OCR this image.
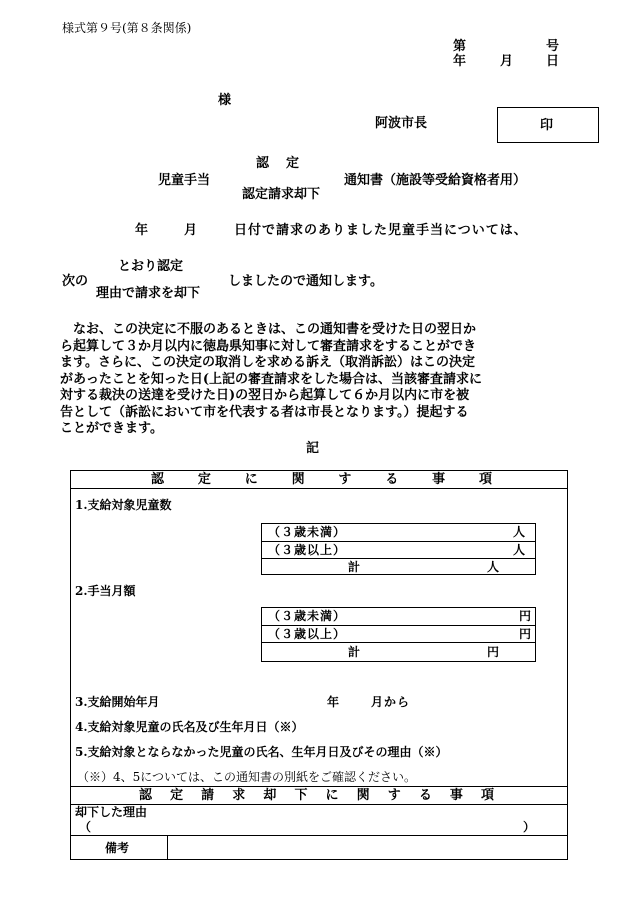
様式第９号(第８条関係)
第	号
年	月	日
様
阿波市長	印
認　定
児童手当	通知書（施設等受給資格者用）
認定請求却下
年	月	日付で請求のありました児童手当については、
とおり認定
次の	しましたので通知します。
理由で請求を却下
　なお、この決定に不服のあるときは、この通知書を受けた日の翌日か
ら起算して３か月以内に徳島県知事に対して審査請求をすることができ
ます。さらに、この決定の取消しを求める訴え（取消訴訟）はこの決定
があったことを知った日(上記の審査請求をした場合は、当該審査請求に
対する裁決の送達を受けた日)の翌日から起算して６か月以内に市を被
告として（訴訟において市を代表する者は市長となります。）提起する
ことができます。
記
認	定	に	関	す	る	事	項
1.支給対象児童数
（３歳未満）	人
（３歳以上）	人
計	人
2.手当月額
（３歳未満）	円
（３歳以上）	円
計	円
3.支給開始年月	年	月から
4.支給対象児童の氏名及び生年月日（※）
5.支給対象とならなかった児童の氏名、生年月日及びその理由（※）
（※）4、5については、この通知書の別紙をご確認ください。
認 定 請 求 却 下 に 関 す る 事 項
却下した理由
（	）
備考
